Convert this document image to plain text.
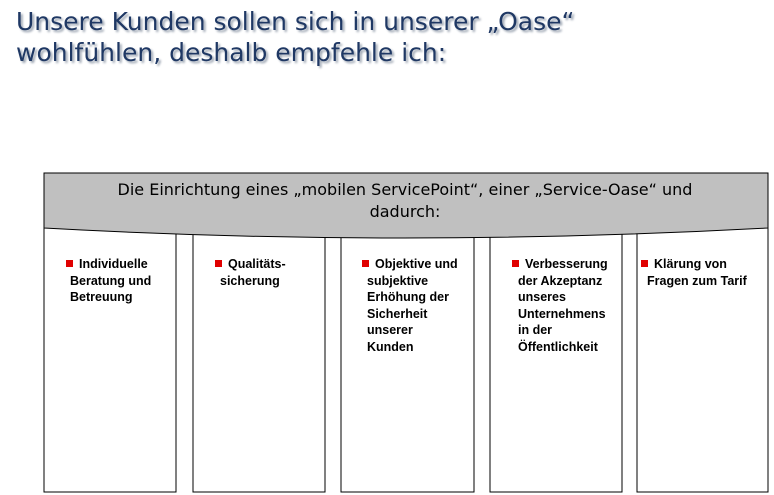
Unsere Kunden sollen sich in unserer „Oase“
wohlfühlen, deshalb empfehle ich:
Die Einrichtung eines „mobilen ServicePoint“, einer „Service-Oase“ und
dadurch:
Individuelle
Beratung und
Betreuung
Qualitäts-
sicherung
Objektive und
subjektive
Erhöhung der
Sicherheit
unserer
Kunden
Verbesserung
der Akzeptanz
unseres
Unternehmens
in der
Öffentlichkeit
Klärung von
Fragen zum Tarif
